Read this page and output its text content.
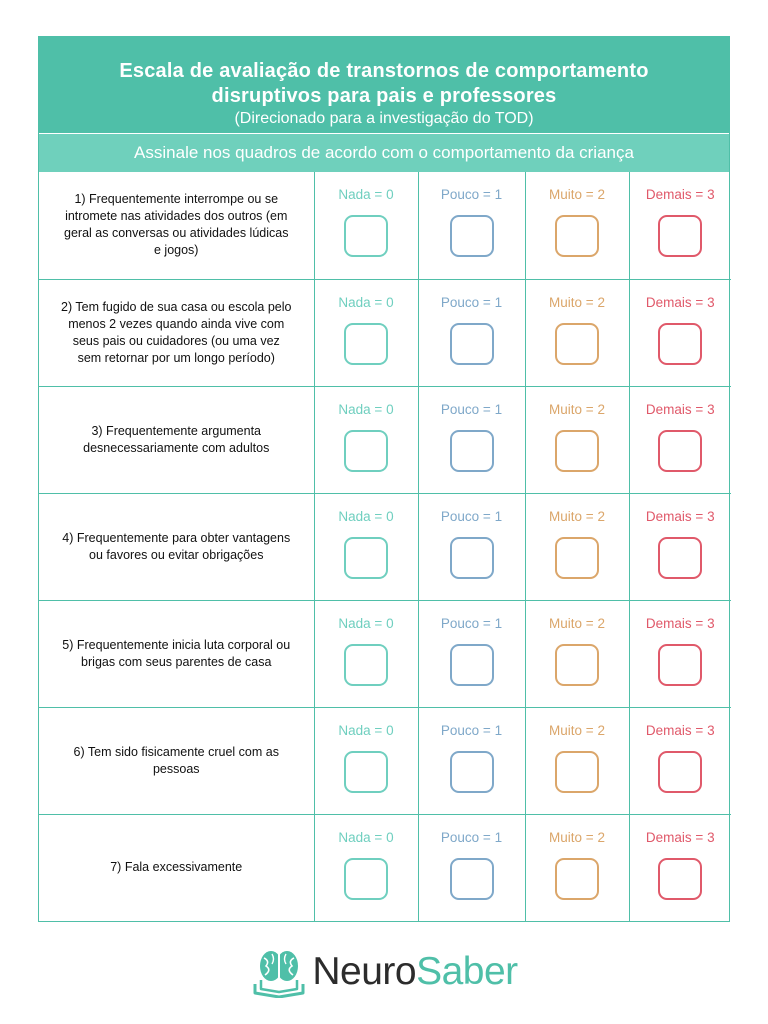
Escala de avaliação de transtornos de comportamento
disruptivos para pais e professores
(Direcionado para a investigação do TOD)
Assinale nos quadros de acordo com o comportamento da criança
1) Frequentemente interrompe ou se intromete nas atividades dos outros (em geral as conversas ou atividades lúdicas e jogos)	Nada = 0	Pouco = 1	Muito = 2	Demais = 3

2) Tem fugido de sua casa ou escola pelo menos 2 vezes quando ainda vive com seus pais ou cuidadores (ou uma vez sem retornar por um longo período)	Nada = 0	Pouco = 1	Muito = 2	Demais = 3

3) Frequentemente argumenta desnecessariamente com adultos	Nada = 0	Pouco = 1	Muito = 2	Demais = 3

4) Frequentemente para obter vantagens ou favores ou evitar obrigações	Nada = 0	Pouco = 1	Muito = 2	Demais = 3

5) Frequentemente inicia luta corporal ou brigas com seus parentes de casa	Nada = 0	Pouco = 1	Muito = 2	Demais = 3

6) Tem sido fisicamente cruel com as pessoas	Nada = 0	Pouco = 1	Muito = 2	Demais = 3

7) Fala excessivamente	Nada = 0	Pouco = 1	Muito = 2	Demais = 3
NeuroSaber
